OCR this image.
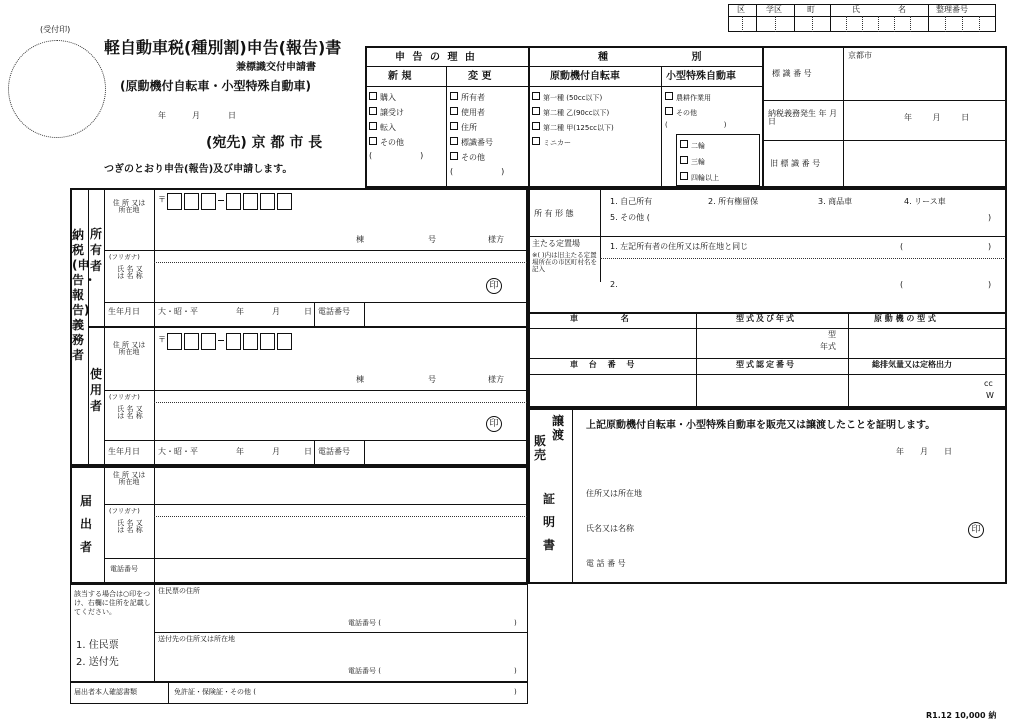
(受付印)
軽自動車税(種別割)申告(報告)書
兼標識交付申請書
(原動機付自転車・小型特殊自動車)
年	月	日
(宛先) 京 都 市 長
つぎのとおり申告(報告)及び申請します。
区	学区	町	氏	名	整理番号
申 告 の 理 由
新 規	変 更
購入
譲受け
転入
その他
(　　　　　　)
所有者
使用者
住所
標識番号
その他
(　　　　　　)
種 別
原動機付自転車	小型特殊自動車
第一種 (50cc以下)
第二種 乙(90cc以下)
第二種 甲(125cc以下)
ミニカー
農耕作業用
その他
(　　　　　　　　)
二輪
三輪
四輪以上
標 識 番 号
京都市
納税義務発生 年 月 日	年 月 日
旧 標 識 番 号
納税(申告・報告)義務者
所有者
使用者
住 所 又は 所在地
〒
棟	号	様方
(フリガナ)
氏 名 又は 名 称
印
生年月日 大・昭・平	年	月	日 電話番号
住 所 又は 所在地
〒
棟	号	様方
(フリガナ)
氏 名 又は 名 称
印
生年月日 大・昭・平	年	月	日 電話番号
届出者
住 所 又は 所在地
(フリガナ)
氏 名 又は 名 称
電話番号
該当する場合は○印をつけ、右欄に住所を記載してください。
1. 住民票
2. 送付先
住民票の住所
電話番号 (	)
送付先の住所又は所在地
電話番号 (	)
届出者本人確認書類	免許証・保険証・その他 (	)
所 有 形 態
1. 自己所有	2. 所有権留保	3. 商品車	4. リース車
5. その他 (	)
主たる定置場
※( )内は旧主たる定置場所在の市区町村名を記入
1. 左記所有者の住所又は所在地と同じ	(	)
2.	(	)
車 名	型式及び年式	原 動 機 の 型 式
型
年式
車 台 番 号	型式認定番号	総排気量又は定格出力
cc
W
販売
譲渡
証明書
上記原動機付自転車・小型特殊自動車を販売又は譲渡したことを証明します。
年　　月　　日
住所又は所在地
氏名又は名称	印
電 話 番 号
R1.12 10,000 納
